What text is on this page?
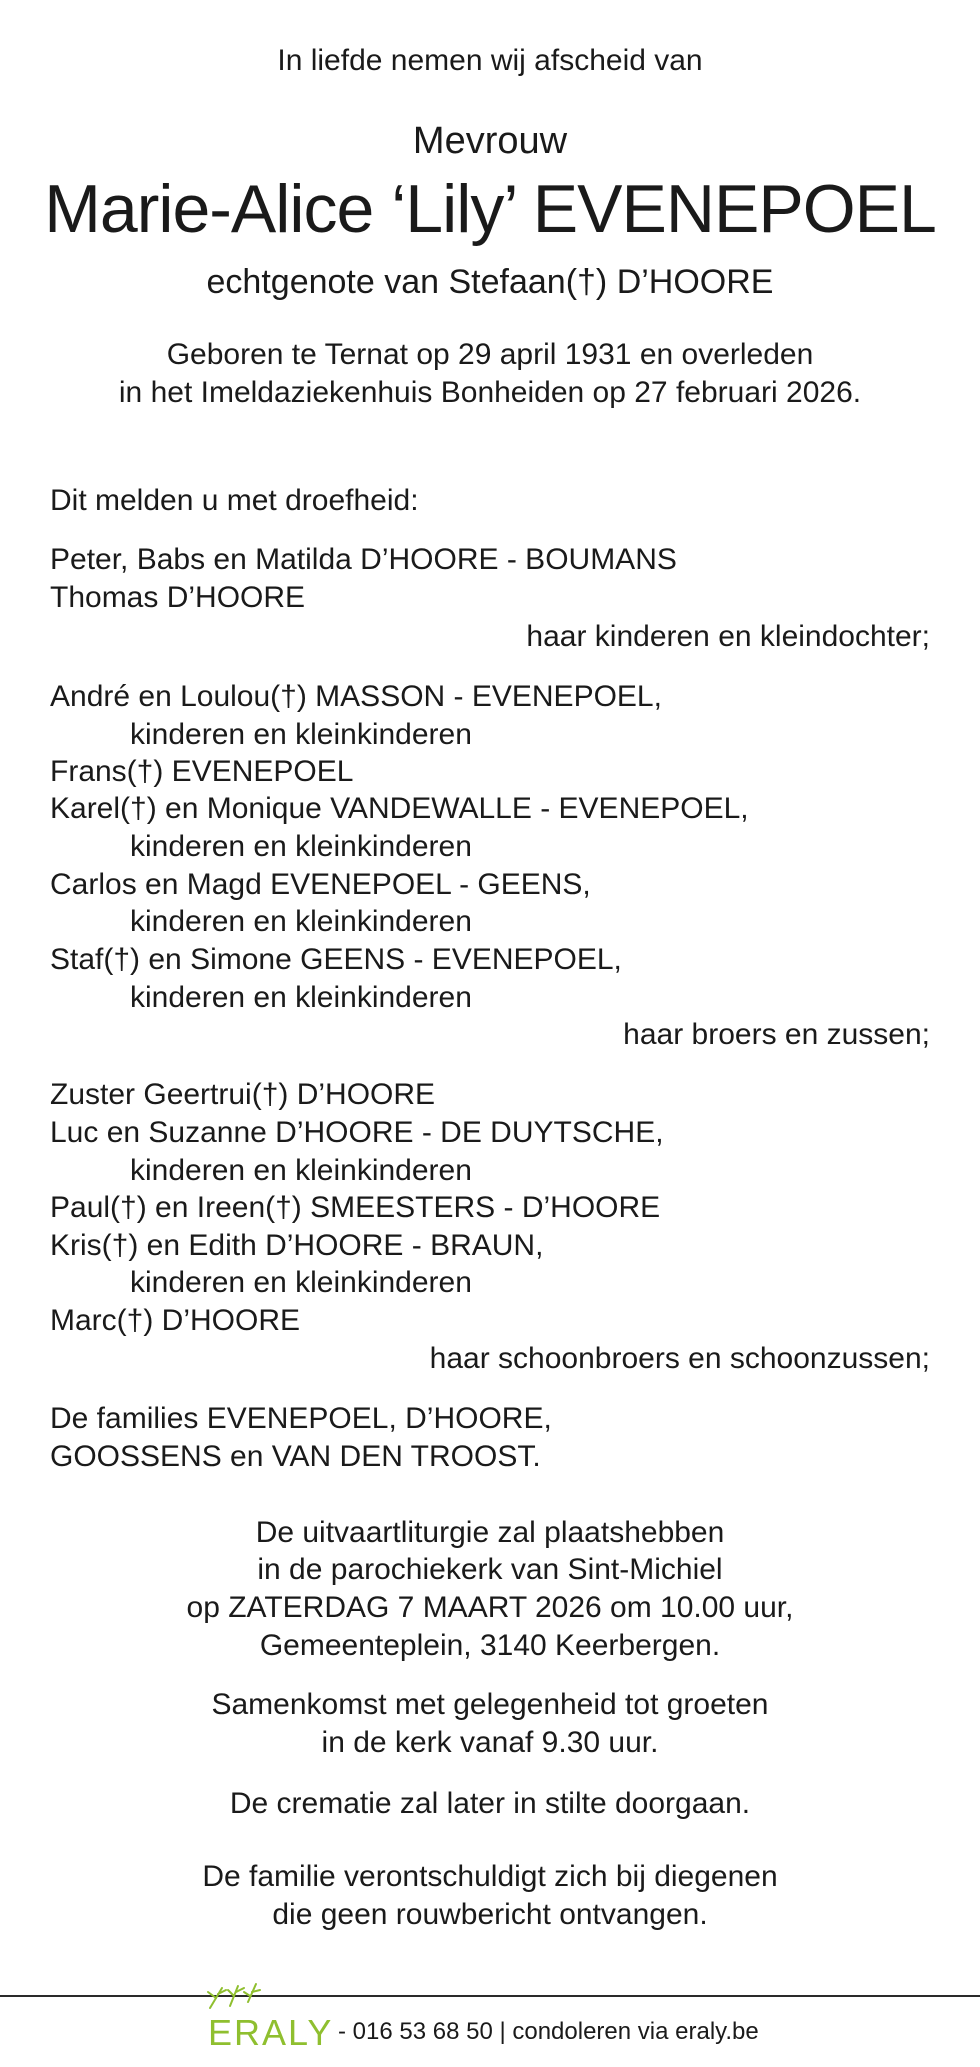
In liefde nemen wij afscheid van
Mevrouw
Marie-Alice ‘Lily’ EVENEPOEL
echtgenote van Stefaan(†) D’HOORE
Geboren te Ternat op 29 april 1931 en overleden
in het Imeldaziekenhuis Bonheiden op 27 februari 2026.
Dit melden u met droefheid:
Peter, Babs en Matilda D’HOORE - BOUMANS
Thomas D’HOORE
haar kinderen en kleindochter;
André en Loulou(†) MASSON - EVENEPOEL,
kinderen en kleinkinderen
Frans(†) EVENEPOEL
Karel(†) en Monique VANDEWALLE - EVENEPOEL,
kinderen en kleinkinderen
Carlos en Magd EVENEPOEL - GEENS,
kinderen en kleinkinderen
Staf(†) en Simone GEENS - EVENEPOEL,
kinderen en kleinkinderen
haar broers en zussen;
Zuster Geertrui(†) D’HOORE
Luc en Suzanne D’HOORE - DE DUYTSCHE,
kinderen en kleinkinderen
Paul(†) en Ireen(†) SMEESTERS - D’HOORE
Kris(†) en Edith D’HOORE - BRAUN,
kinderen en kleinkinderen
Marc(†) D’HOORE
haar schoonbroers en schoonzussen;
De families EVENEPOEL, D’HOORE,
GOOSSENS en VAN DEN TROOST.
De uitvaartliturgie zal plaatshebben
in de parochiekerk van Sint-Michiel
op ZATERDAG 7 MAART 2026 om 10.00 uur,
Gemeenteplein, 3140 Keerbergen.
Samenkomst met gelegenheid tot groeten
in de kerk vanaf 9.30 uur.
De crematie zal later in stilte doorgaan.
De familie verontschuldigt zich bij diegenen
die geen rouwbericht ontvangen.
ERALY - 016 53 68 50 | condoleren via eraly.be
